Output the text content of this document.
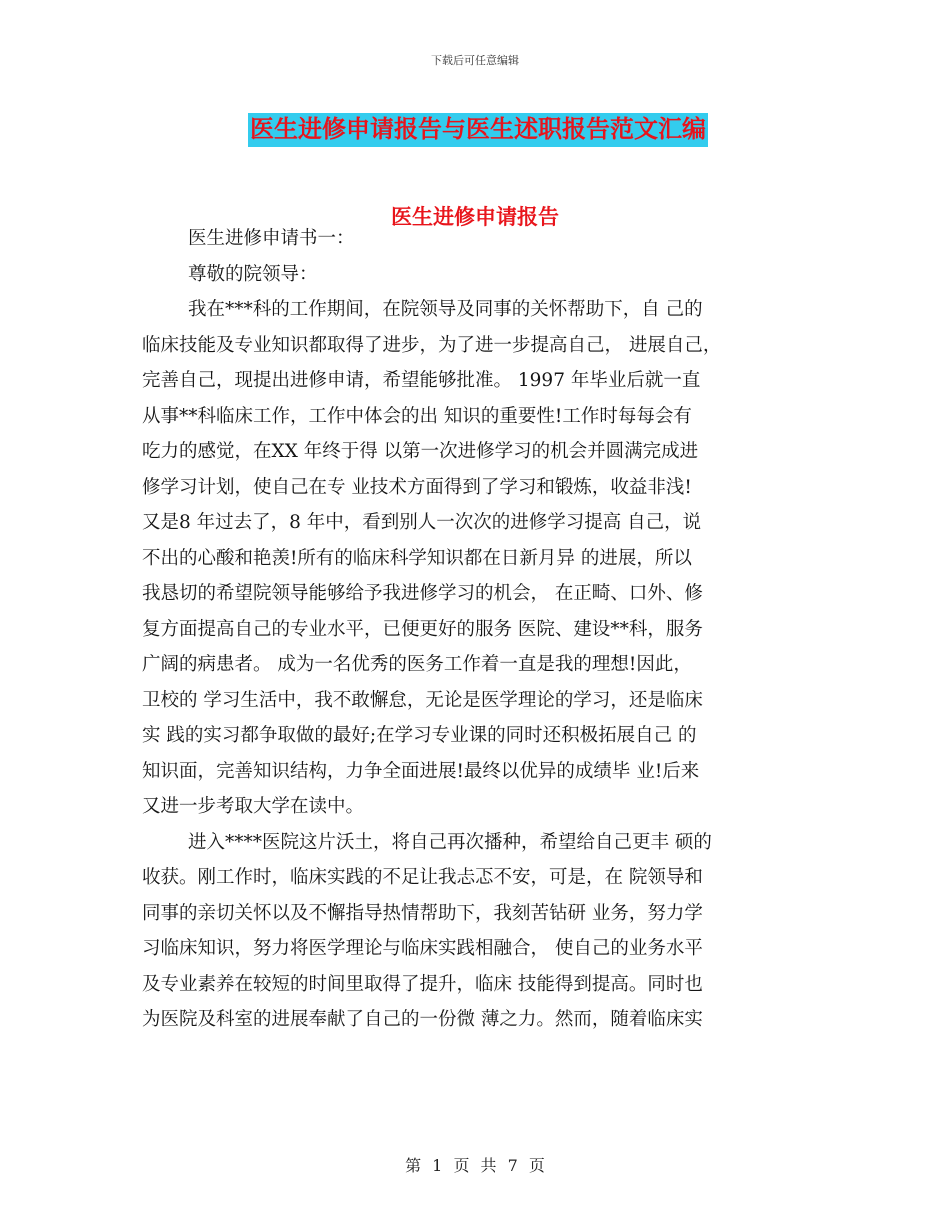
下载后可任意编辑
医生进修申请报告与医生述职报告范文汇编
医生进修申请报告
医生进修申请书一：
尊敬的院领导：
我在***科的工作期间，在院领导及同事的关怀帮助下，自 己的
临床技能及专业知识都取得了进步，为了进一步提高自己， 进展自己，
完善自己，现提出进修申请，希望能够批准。 1997 年毕业后就一直
从事**科临床工作，工作中体会的出 知识的重要性!工作时每每会有
吃力的感觉，在XX 年终于得 以第一次进修学习的机会并圆满完成进
修学习计划，使自己在专 业技术方面得到了学习和锻炼，收益非浅!
又是8 年过去了，8 年中，看到别人一次次的进修学习提高 自己，说
不出的心酸和艳羡!所有的临床科学知识都在日新月异 的进展，所以
我恳切的希望院领导能够给予我进修学习的机会， 在正畸、口外、修
复方面提高自己的专业水平，已便更好的服务 医院、建设**科，服务
广阔的病患者。 成为一名优秀的医务工作着一直是我的理想!因此，
卫校的 学习生活中，我不敢懈怠，无论是医学理论的学习，还是临床
实 践的实习都争取做的最好;在学习专业课的同时还积极拓展自己 的
知识面，完善知识结构，力争全面进展!最终以优异的成绩毕 业!后来
又进一步考取大学在读中。
进入****医院这片沃土，将自己再次播种，希望给自己更丰 硕的
收获。刚工作时，临床实践的不足让我忐忑不安，可是，在 院领导和
同事的亲切关怀以及不懈指导热情帮助下，我刻苦钻研 业务，努力学
习临床知识，努力将医学理论与临床实践相融合， 使自己的业务水平
及专业素养在较短的时间里取得了提升，临床 技能得到提高。同时也
为医院及科室的进展奉献了自己的一份微 薄之力。然而，随着临床实
第 1 页 共 7 页
